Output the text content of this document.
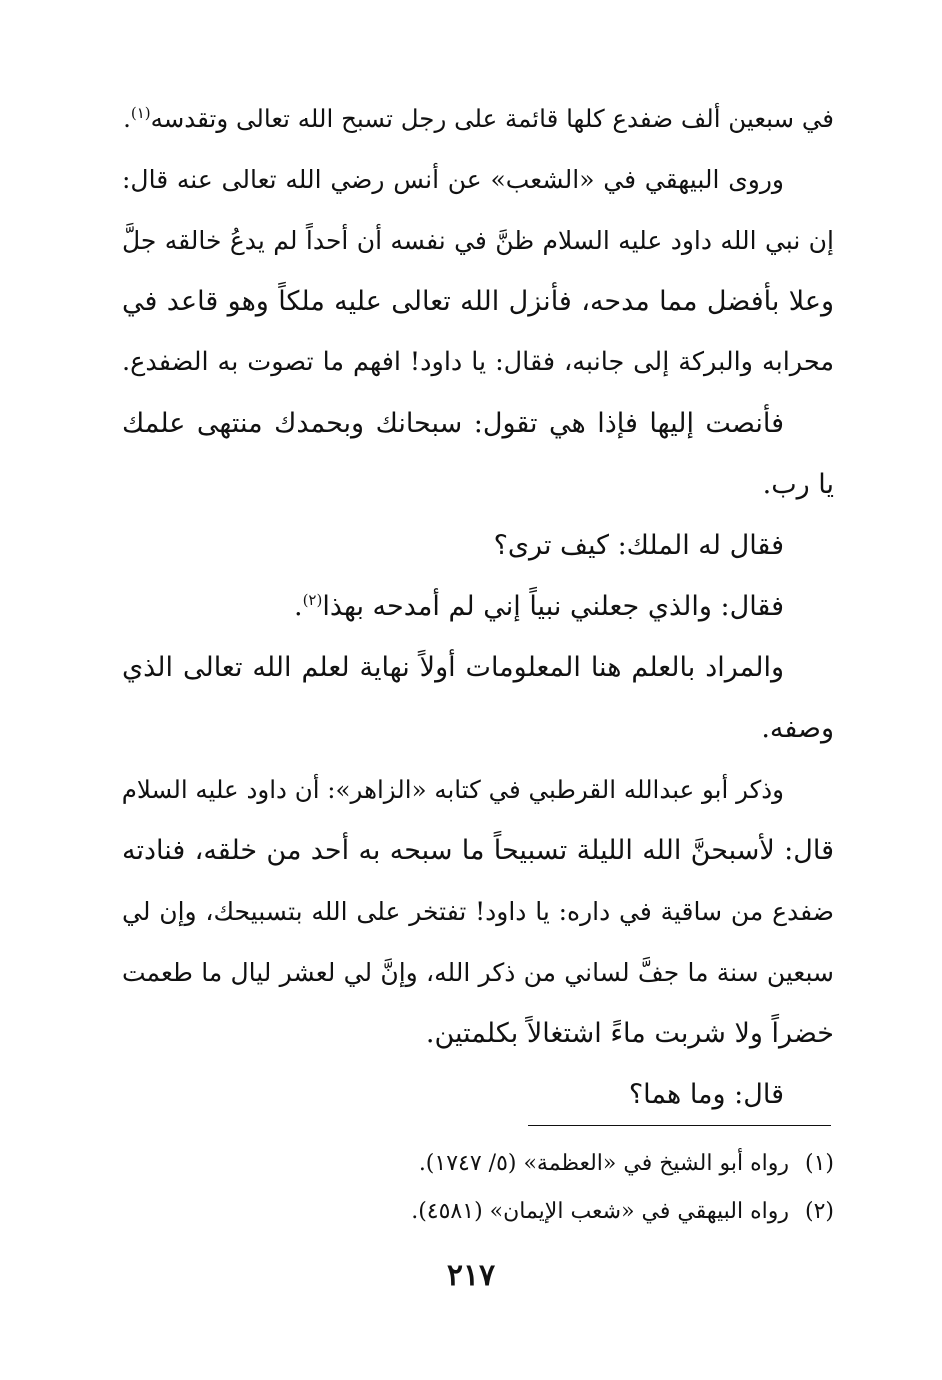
في سبعين ألف ضفدع كلها قائمة على رجل تسبح الله تعالى وتقدسه$^{(١)}$.
وروى البيهقي في «الشعب» عن أنس رضي الله تعالى عنه قال:
إن نبي الله داود عليه السلام ظنَّ في نفسه أن أحداً لم يدعُ خالقه جلَّ
وعلا بأفضل مما مدحه، فأنزل الله تعالى عليه ملكاً وهو قاعد في
محرابه والبركة إلى جانبه، فقال: يا داود! افهم ما تصوت به الضفدع.
فأنصت إليها فإذا هي تقول: سبحانك وبحمدك منتهى علمك
يا رب.
فقال له الملك: كيف ترى؟
فقال: والذي جعلني نبياً إني لم أمدحه بهذا$^{(٢)}$.
والمراد بالعلم هنا المعلومات أولاً نهاية لعلم الله تعالى الذي
وصفه.
وذكر أبو عبدالله القرطبي في كتابه «الزاهر»: أن داود عليه السلام
قال: لأسبحنَّ الله الليلة تسبيحاً ما سبحه به أحد من خلقه، فنادته
ضفدع من ساقية في داره: يا داود! تفتخر على الله بتسبيحك، وإن لي
سبعين سنة ما جفَّ لساني من ذكر الله، وإنَّ لي لعشر ليال ما طعمت
خضراً ولا شربت ماءً اشتغالاً بكلمتين.
قال: وما هما؟
(١)رواه أبو الشيخ في «العظمة» (٥/ ١٧٤٧).
(٢)رواه البيهقي في «شعب الإيمان» (٤٥٨١).
٢١٧
